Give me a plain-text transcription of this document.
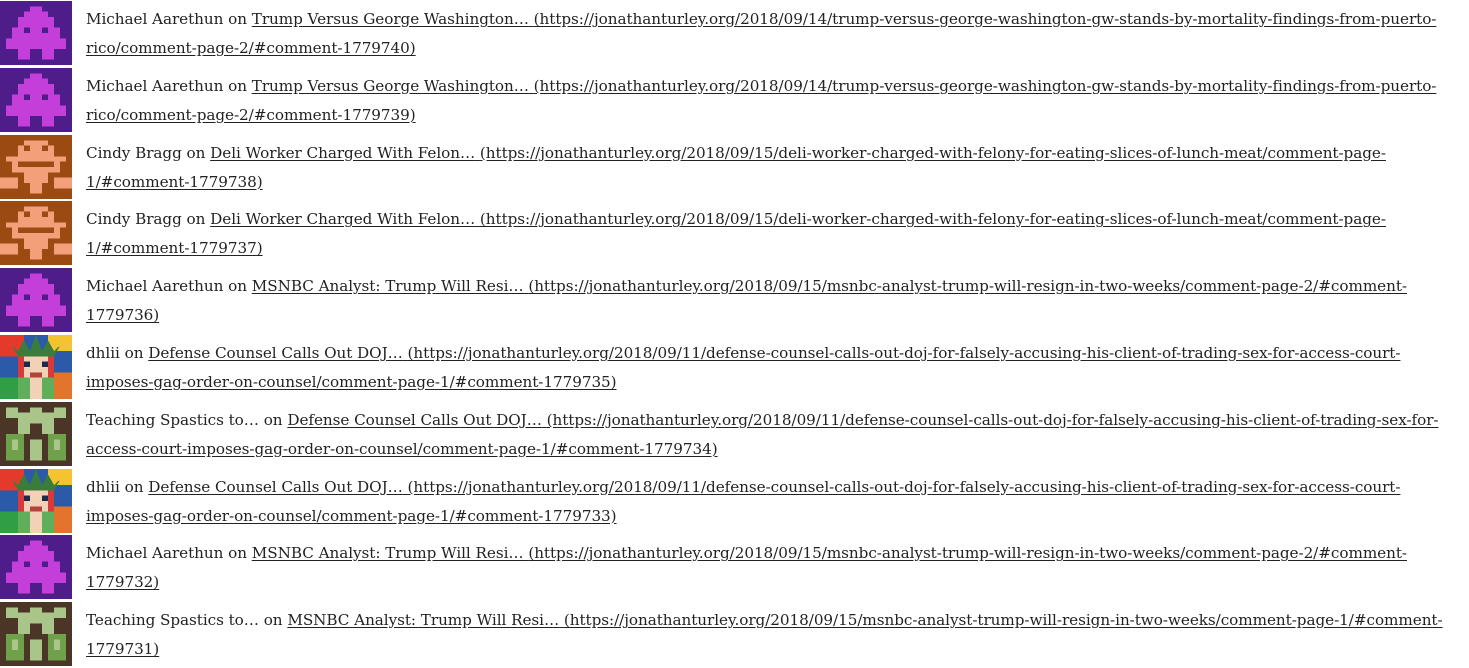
Michael Aarethun on Trump Versus George Washington… (https://jonathanturley.org/2018/09/14/trump-versus-george-washington-gw-stands-by-mortality-findings-from-puerto-rico/comment-page-2/#comment-1779740)
Michael Aarethun on Trump Versus George Washington… (https://jonathanturley.org/2018/09/14/trump-versus-george-washington-gw-stands-by-mortality-findings-from-puerto-rico/comment-page-2/#comment-1779739)
Cindy Bragg on Deli Worker Charged With Felon… (https://jonathanturley.org/2018/09/15/deli-worker-charged-with-felony-for-eating-slices-of-lunch-meat/comment-page-1/#comment-1779738)
Cindy Bragg on Deli Worker Charged With Felon… (https://jonathanturley.org/2018/09/15/deli-worker-charged-with-felony-for-eating-slices-of-lunch-meat/comment-page-1/#comment-1779737)
Michael Aarethun on MSNBC Analyst: Trump Will Resi… (https://jonathanturley.org/2018/09/15/msnbc-analyst-trump-will-resign-in-two-weeks/comment-page-2/#comment-1779736)
dhlii on Defense Counsel Calls Out DOJ… (https://jonathanturley.org/2018/09/11/defense-counsel-calls-out-doj-for-falsely-accusing-his-client-of-trading-sex-for-access-court-imposes-gag-order-on-counsel/comment-page-1/#comment-1779735)
Teaching Spastics to… on Defense Counsel Calls Out DOJ… (https://jonathanturley.org/2018/09/11/defense-counsel-calls-out-doj-for-falsely-accusing-his-client-of-trading-sex-for-access-court-imposes-gag-order-on-counsel/comment-page-1/#comment-1779734)
dhlii on Defense Counsel Calls Out DOJ… (https://jonathanturley.org/2018/09/11/defense-counsel-calls-out-doj-for-falsely-accusing-his-client-of-trading-sex-for-access-court-imposes-gag-order-on-counsel/comment-page-1/#comment-1779733)
Michael Aarethun on MSNBC Analyst: Trump Will Resi… (https://jonathanturley.org/2018/09/15/msnbc-analyst-trump-will-resign-in-two-weeks/comment-page-2/#comment-1779732)
Teaching Spastics to… on MSNBC Analyst: Trump Will Resi… (https://jonathanturley.org/2018/09/15/msnbc-analyst-trump-will-resign-in-two-weeks/comment-page-1/#comment-1779731)
